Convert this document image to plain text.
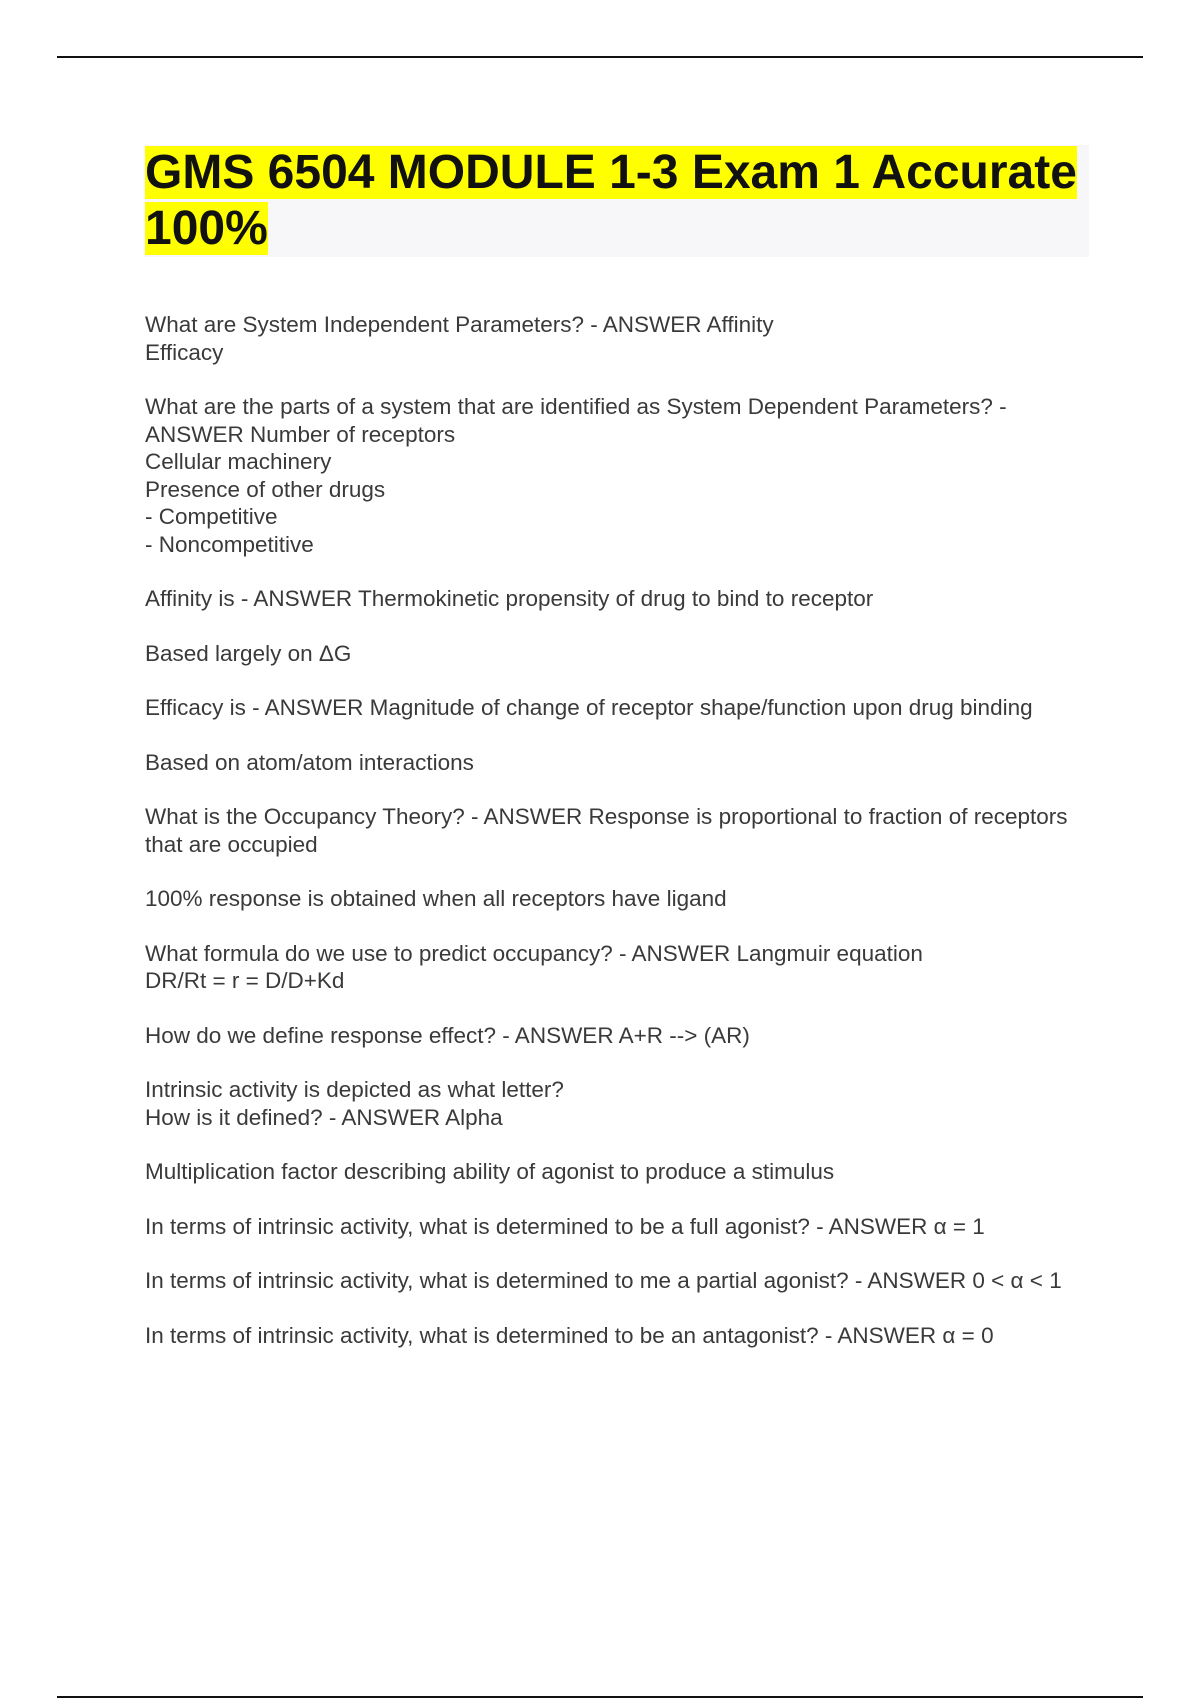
GMS 6504 MODULE 1-3 Exam 1 Accurate 100%

What are System Independent Parameters? - ANSWER Affinity
Efficacy

What are the parts of a system that are identified as System Dependent Parameters? - ANSWER Number of receptors
Cellular machinery
Presence of other drugs
- Competitive
- Noncompetitive

Affinity is - ANSWER Thermokinetic propensity of drug to bind to receptor

Based largely on ΔG

Efficacy is - ANSWER Magnitude of change of receptor shape/function upon drug binding

Based on atom/atom interactions

What is the Occupancy Theory? - ANSWER Response is proportional to fraction of receptors that are occupied

100% response is obtained when all receptors have ligand

What formula do we use to predict occupancy? - ANSWER Langmuir equation
DR/Rt = r = D/D+Kd

How do we define response effect? - ANSWER A+R --> (AR)

Intrinsic activity is depicted as what letter?
How is it defined? - ANSWER Alpha

Multiplication factor describing ability of agonist to produce a stimulus

In terms of intrinsic activity, what is determined to be a full agonist? - ANSWER α = 1

In terms of intrinsic activity, what is determined to me a partial agonist? - ANSWER 0 < α < 1

In terms of intrinsic activity, what is determined to be an antagonist? - ANSWER α = 0
